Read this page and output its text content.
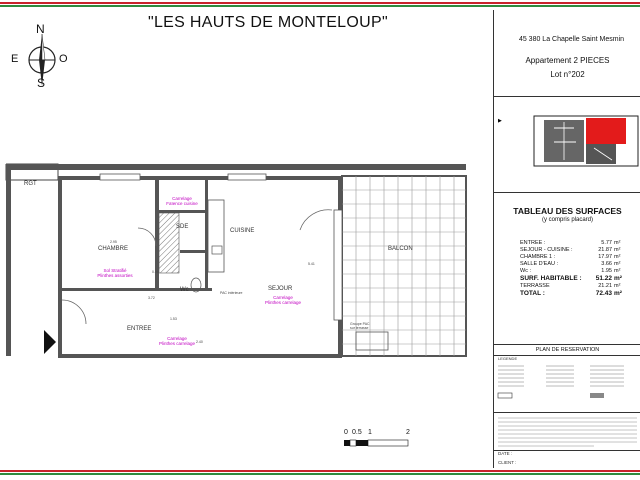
"LES HAUTS DE MONTELOUP"
N
S
E	O
RGT
CHAMBRE
SDE
CUISINE
Wc	SEJOUR
ENTREE
BALCON
Carrelage
Faïence cuisine
Sol Stratifié
Plinthes assorties
Carrelage
Plinthes carrelage
Carrelage
Plinthes carrelage
PAC intérieure
Groupe PAC
sur terrasse
2.95
3.72
5.41
2.40
1.53
0.90
0 0.5 1	2
45 380 La Chapelle Saint Mesmin
Appartement 2 PIECES
Lot n°202
▶
TABLEAU DES SURFACES
(y compris placard)
ENTREE :	5.77 m²
SEJOUR - CUISINE :	21.87 m²
CHAMBRE 1 :	17.97 m²
SALLE D'EAU :	3.66 m²
Wc :	1.95 m²
SURF. HABITABLE :	51.22 m²
TERRASSE	21.21 m²
TOTAL :	72.43 m²
PLAN DE RESERVATION
LEGENDE
DATE :
CLIENT :
